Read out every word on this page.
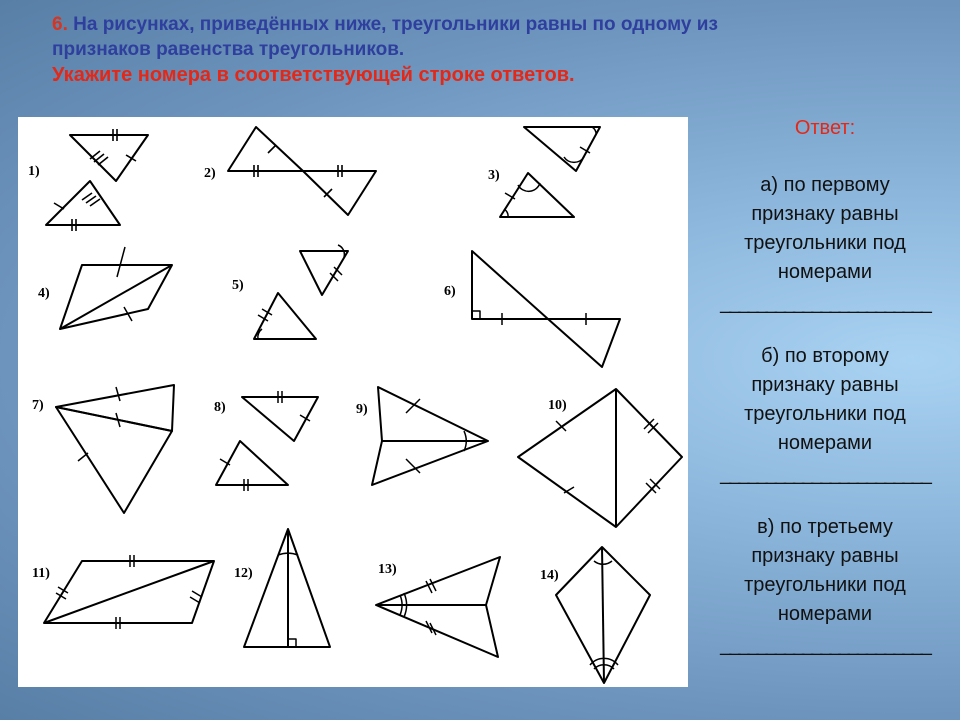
6. На рисунках, приведённых ниже, треугольники равны по одному из
признаков равенства треугольников.
Укажите номера в соответствующей строке ответов.
1)	2)	3)
4)
5)	6)
7)	8)	9)	10)
11)	12)	13)	14)
Ответ:
а) по первому
признаку равны
треугольники под
номерами
_______________________
б) по второму
признаку равны
треугольники под
номерами
_______________________
в) по третьему
признаку равны
треугольники под
номерами
_______________________
